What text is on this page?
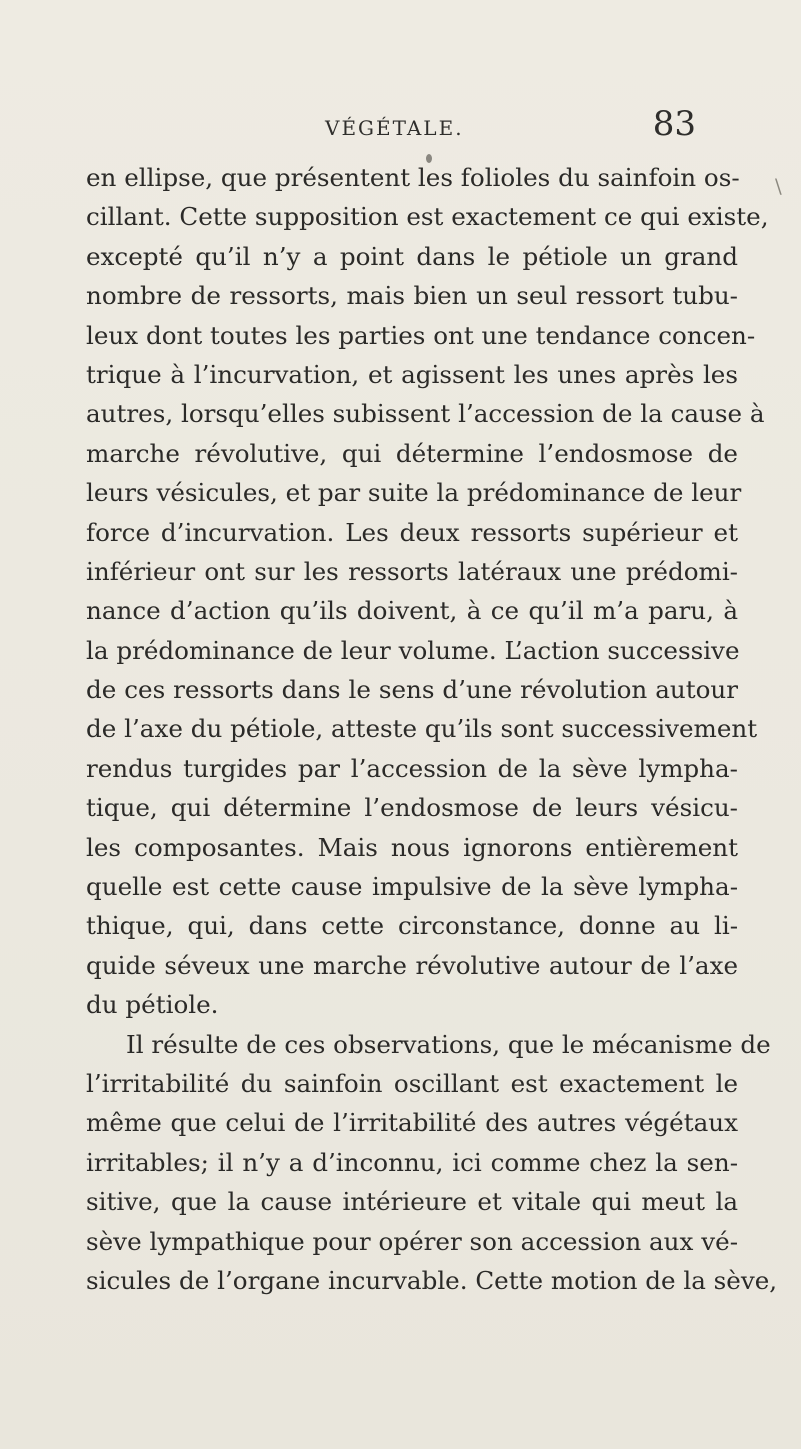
VÉGÉTALE.	83
\
en ellipse, que présentent les folioles du sainfoin os-
cillant. Cette supposition est exactement ce qui existe,
excepté qu’il n’y a point dans le pétiole un grand
nombre de ressorts, mais bien un seul ressort tubu-
leux dont toutes les parties ont une tendance concen-
trique à l’incurvation, et agissent les unes après les
autres, lorsqu’elles subissent l’accession de la cause à
marche révolutive, qui détermine l’endosmose de
leurs vésicules, et par suite la prédominance de leur
force d’incurvation. Les deux ressorts supérieur et
inférieur ont sur les ressorts latéraux une prédomi-
nance d’action qu’ils doivent, à ce qu’il m’a paru, à
la prédominance de leur volume. L’action successive
de ces ressorts dans le sens d’une révolution autour
de l’axe du pétiole, atteste qu’ils sont successivement
rendus turgides par l’accession de la sève lympha-
tique, qui détermine l’endosmose de leurs vésicu-
les composantes. Mais nous ignorons entièrement
quelle est cette cause impulsive de la sève lympha-
thique, qui, dans cette circonstance, donne au li-
quide séveux une marche révolutive autour de l’axe
du pétiole.
Il résulte de ces observations, que le mécanisme de
l’irritabilité du sainfoin oscillant est exactement le
même que celui de l’irritabilité des autres végétaux
irritables; il n’y a d’inconnu, ici comme chez la sen-
sitive, que la cause intérieure et vitale qui meut la
sève lympathique pour opérer son accession aux vé-
sicules de l’organe incurvable. Cette motion de la sève,
